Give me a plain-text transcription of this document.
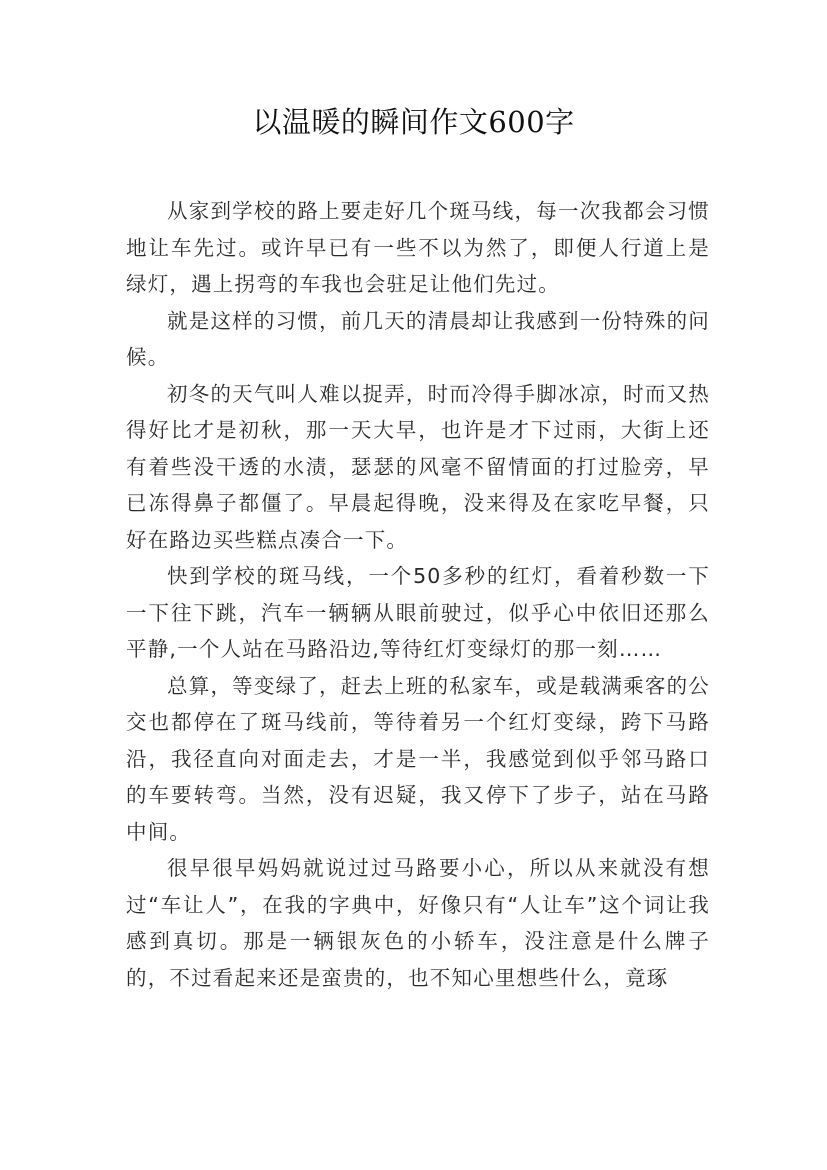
以温暖的瞬间作文600字

从家到学校的路上要走好几个斑马线，每一次我都会习惯地让车先过。或许早已有一些不以为然了，即便人行道上是绿灯，遇上拐弯的车我也会驻足让他们先过。

就是这样的习惯，前几天的清晨却让我感到一份特殊的问候。

初冬的天气叫人难以捉弄，时而冷得手脚冰凉，时而又热得好比才是初秋，那一天大早，也许是才下过雨，大街上还有着些没干透的水渍，瑟瑟的风毫不留情面的打过脸旁，早已冻得鼻子都僵了。早晨起得晚，没来得及在家吃早餐，只好在路边买些糕点凑合一下。

快到学校的斑马线，一个50多秒的红灯，看着秒数一下一下往下跳，汽车一辆辆从眼前驶过，似乎心中依旧还那么平静,一个人站在马路沿边,等待红灯变绿灯的那一刻……

总算，等变绿了，赶去上班的私家车，或是载满乘客的公交也都停在了斑马线前，等待着另一个红灯变绿，跨下马路沿，我径直向对面走去，才是一半，我感觉到似乎邻马路口的车要转弯。当然，没有迟疑，我又停下了步子，站在马路中间。

很早很早妈妈就说过过马路要小心，所以从来就没有想过“车让人”，在我的字典中，好像只有“人让车”这个词让我感到真切。那是一辆银灰色的小轿车，没注意是什么牌子的，不过看起来还是蛮贵的，也不知心里想些什么，竟琢
